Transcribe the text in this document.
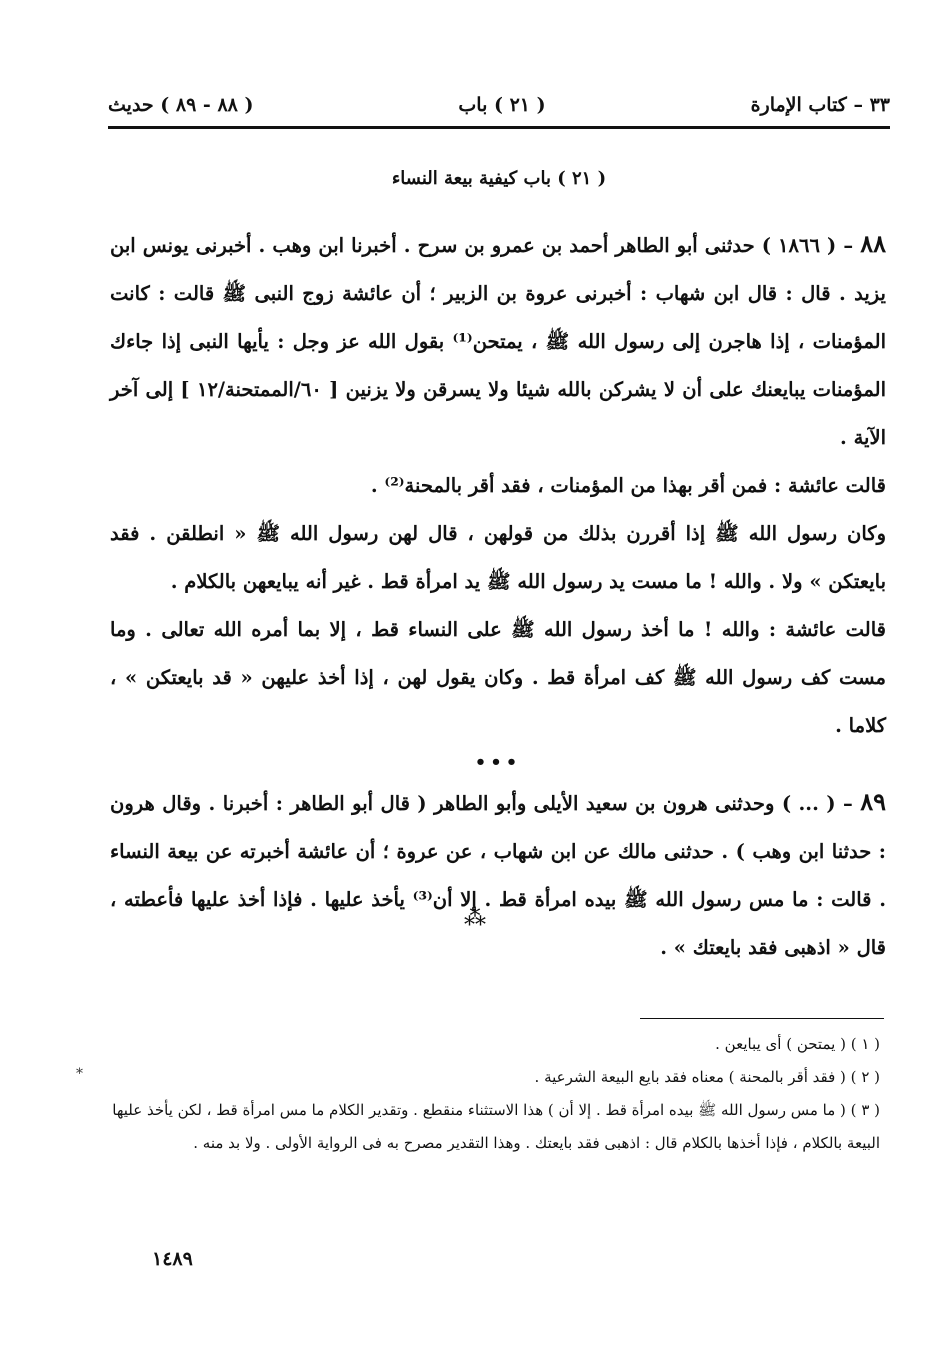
٣٣ – كتاب الإمارة
( ٢١ ) باب
( ٨٨ - ٨٩ ) حديث
( ٢١ ) باب كيفية بيعة النساء

٨٨ – ( ١٨٦٦ ) حدثنى أبو الطاهر أحمد بن عمرو بن سرح . أخبرنا ابن وهب . أخبرنى يونس ابن يزيد . قال : قال ابن شهاب : أخبرنى عروة بن الزبير ؛ أن عائشة زوج النبى ﷺ قالت : كانت المؤمنات ، إذا هاجرن إلى رسول الله ﷺ ، يمتحن⁽¹⁾ بقول الله عز وجل : يأيها النبى إذا جاءك المؤمنات يبايعنك على أن لا يشركن بالله شيئا ولا يسرقن ولا يزنين [ ٦٠/الممتحنة/١٢ ] إلى آخر الآية .

قالت عائشة : فمن أقر بهذا من المؤمنات ، فقد أقر بالمحنة⁽²⁾ .

وكان رسول الله ﷺ إذا أقررن بذلك من قولهن ، قال لهن رسول الله ﷺ « انطلقن . فقد بايعتكن » ولا . والله ! ما مست يد رسول الله ﷺ يد امرأة قط . غير أنه يبايعهن بالكلام .

قالت عائشة : والله ! ما أخذ رسول الله ﷺ على النساء قط ، إلا بما أمره الله تعالى . وما مست كف رسول الله ﷺ كف امرأة قط . وكان يقول لهن ، إذا أخذ عليهن « قد بايعتكن » ، كلاما .

•••

٨٩ – ( ... ) وحدثنى هرون بن سعيد الأيلى وأبو الطاهر ( قال أبو الطاهر : أخبرنا . وقال هرون : حدثنا ابن وهب ) . حدثنى مالك عن ابن شهاب ، عن عروة ؛ أن عائشة أخبرته عن بيعة النساء . قالت : ما مس رسول الله ﷺ بيده امرأة قط . إلا أن⁽³⁾ يأخذ عليها . فإذا أخذ عليها فأعطته ، قال « اذهبى فقد بايعتك » .

⁂

( ١ ) ( يمتحن ) أى يبايعن .

( ٢ ) ( فقد أقر بالمحنة ) معناه فقد بايع البيعة الشرعية .

( ٣ ) ( ما مس رسول الله ﷺ بيده امرأة قط . إلا أن ) هذا الاستثناء منقطع . وتقدير الكلام ما مس امرأة قط ، لكن يأخذ عليها البيعة بالكلام ، فإذا أخذها بالكلام قال : اذهبى فقد بايعتك . وهذا التقدير مصرح به فى الرواية الأولى . ولا بد منه .

*
١٤٨٩
